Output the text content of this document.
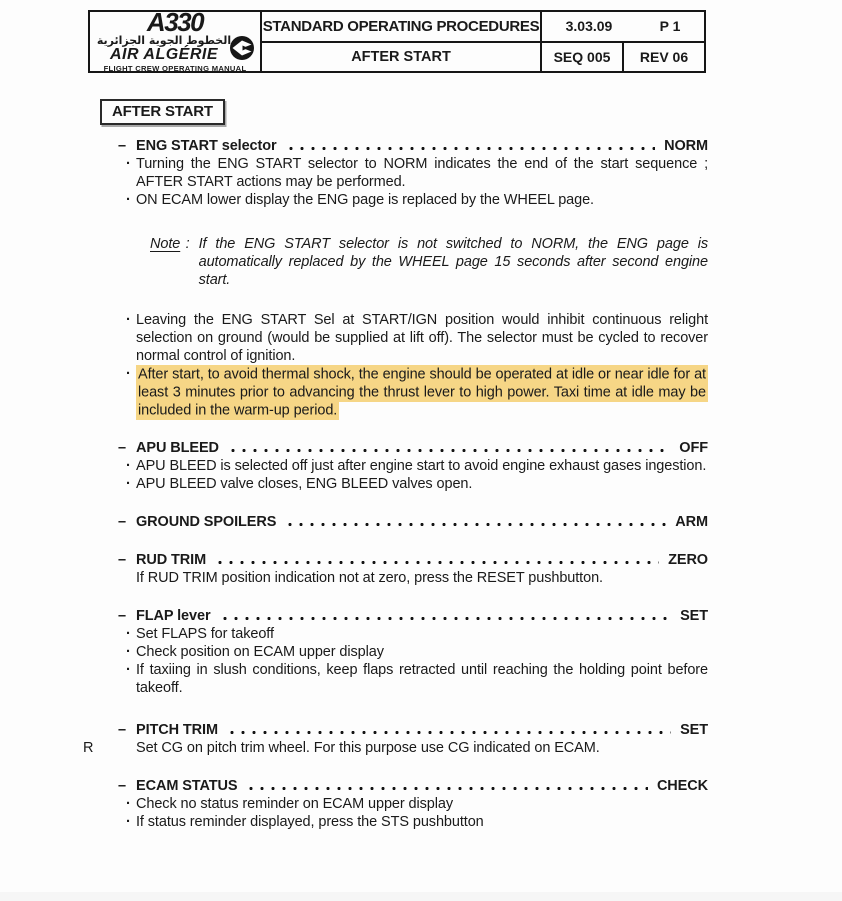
A330
الخطوط الجوية الجزائرية
AIR ALGÉRIE
FLIGHT CREW OPERATING MANUAL
STANDARD OPERATING PROCEDURES
AFTER START
3.03.09	P 1
SEQ 005	REV 06
AFTER START
– ENG START selector	NORM
· Turning the ENG START selector to NORM indicates the end of the start sequence ; AFTER START actions may be performed.
· ON ECAM lower display the ENG page is replaced by the WHEEL page.
Note : If the ENG START selector is not switched to NORM, the ENG page is automatically replaced by the WHEEL page 15 seconds after second engine start.
· Leaving the ENG START Sel at START/IGN position would inhibit continuous relight selection on ground (would be supplied at lift off). The selector must be cycled to recover normal control of ignition.
· After start, to avoid thermal shock, the engine should be operated at idle or near idle for at least 3 minutes prior to advancing the thrust lever to high power. Taxi time at idle may be included in the warm-up period.
– APU BLEED	OFF
· APU BLEED is selected off just after engine start to avoid engine exhaust gases ingestion.
· APU BLEED valve closes, ENG BLEED valves open.
– GROUND SPOILERS	ARM
– RUD TRIM	ZERO
If RUD TRIM position indication not at zero, press the RESET pushbutton.
– FLAP lever	SET
· Set FLAPS for takeoff
· Check position on ECAM upper display
· If taxiing in slush conditions, keep flaps retracted until reaching the holding point before takeoff.
R
– PITCH TRIM	SET
Set CG on pitch trim wheel. For this purpose use CG indicated on ECAM.
– ECAM STATUS	CHECK
· Check no status reminder on ECAM upper display
· If status reminder displayed, press the STS pushbutton
